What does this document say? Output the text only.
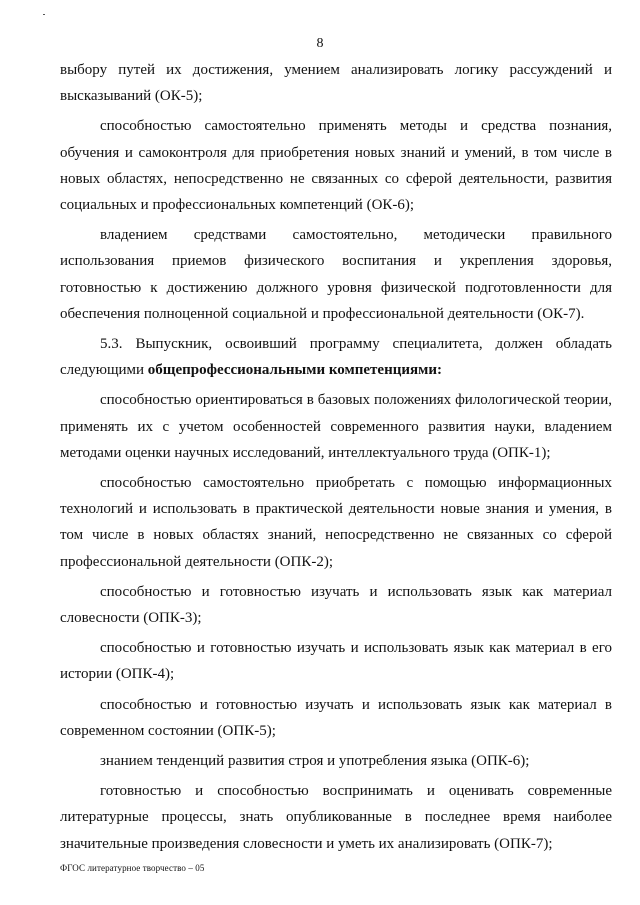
8

выбору путей их достижения, умением анализировать логику рассуждений и высказываний (ОК-5);

способностью самостоятельно применять методы и средства познания, обучения и самоконтроля для приобретения новых знаний и умений, в том числе в новых областях, непосредственно не связанных со сферой деятельности, развития социальных и профессиональных компетенций (ОК-6);

владением средствами самостоятельно, методически правильного использования приемов физического воспитания и укрепления здоровья, готовностью к достижению должного уровня физической подготовленности для обеспечения полноценной социальной и профессиональной деятельности (ОК-7).

5.3. Выпускник, освоивший программу специалитета, должен обладать следующими общепрофессиональными компетенциями:

способностью ориентироваться в базовых положениях филологической теории, применять их с учетом особенностей современного развития науки, владением методами оценки научных исследований, интеллектуального труда (ОПК-1);

способностью самостоятельно приобретать с помощью информационных технологий и использовать в практической деятельности новые знания и умения, в том числе в новых областях знаний, непосредственно не связанных со сферой профессиональной деятельности (ОПК-2);

способностью и готовностью изучать и использовать язык как материал словесности (ОПК-3);

способностью и готовностью изучать и использовать язык как материал в его истории (ОПК-4);

способностью и готовностью изучать и использовать язык как материал в современном состоянии (ОПК-5);

знанием тенденций развития строя и употребления языка (ОПК-6);

готовностью и способностью воспринимать и оценивать современные литературные процессы, знать опубликованные в последнее время наиболее значительные произведения словесности и уметь их анализировать (ОПК-7);

ФГОС литературное творчество – 05
